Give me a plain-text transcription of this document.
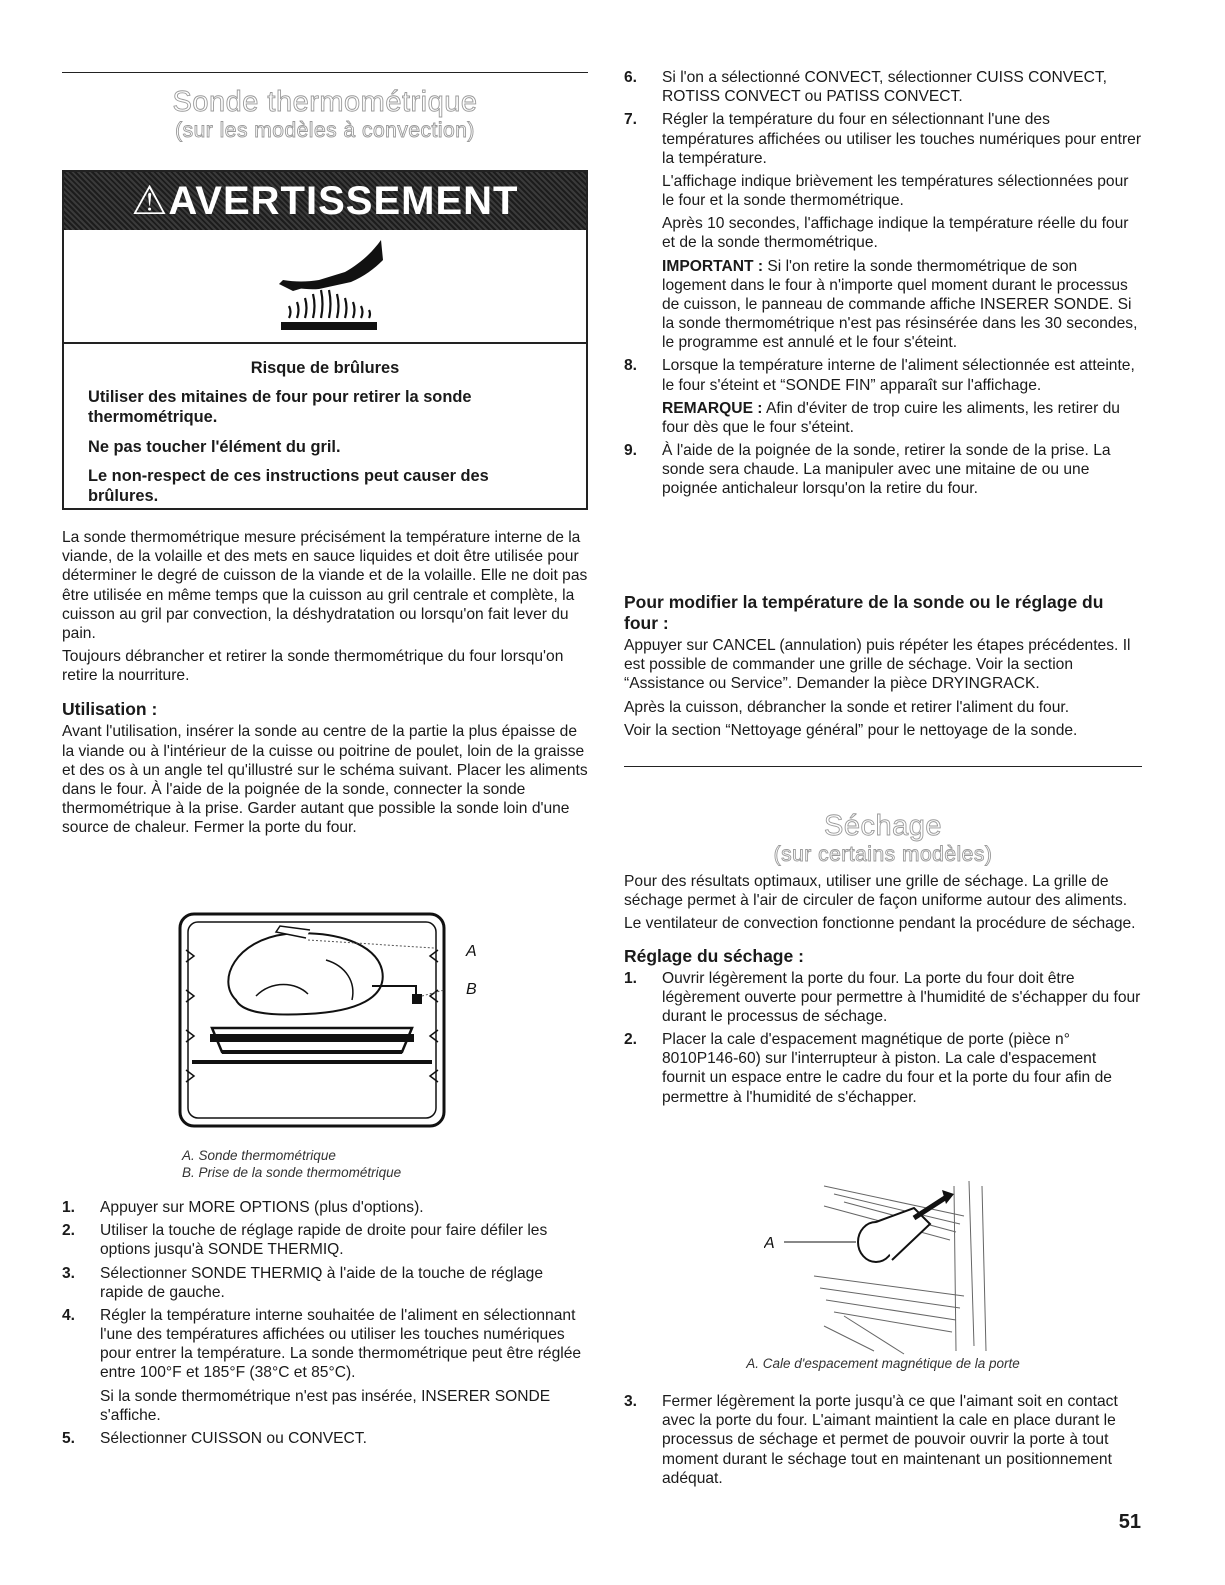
Sonde thermométrique

(sur les modèles à convection)

⚠AVERTISSEMENT

Risque de brûlures

Utiliser des mitaines de four pour retirer la sonde thermométrique.

Ne pas toucher l'élément du gril.

Le non-respect de ces instructions peut causer des brûlures.

La sonde thermométrique mesure précisément la température interne de la viande, de la volaille et des mets en sauce liquides et doit être utilisée pour déterminer le degré de cuisson de la viande et de la volaille. Elle ne doit pas être utilisée en même temps que la cuisson au gril centrale et complète, la cuisson au gril par convection, la déshydratation ou lorsqu'on fait lever du pain.

Toujours débrancher et retirer la sonde thermométrique du four lorsqu'on retire la nourriture.

Utilisation :

Avant l'utilisation, insérer la sonde au centre de la partie la plus épaisse de la viande ou à l'intérieur de la cuisse ou poitrine de poulet, loin de la graisse et des os à un angle tel qu'illustré sur le schéma suivant. Placer les aliments dans le four. À l'aide de la poignée de la sonde, connecter la sonde thermométrique à la prise. Garder autant que possible la sonde loin d'une source de chaleur. Fermer la porte du four.

A
B
A. Sonde thermométrique
B. Prise de la sonde thermométrique
1. Appuyer sur MORE OPTIONS (plus d'options).

2. Utiliser la touche de réglage rapide de droite pour faire défiler les options jusqu'à SONDE THERMIQ.

3. Sélectionner SONDE THERMIQ à l'aide de la touche de réglage rapide de gauche.

4. Régler la température interne souhaitée de l'aliment en sélectionnant l'une des températures affichées ou utiliser les touches numériques pour entrer la température. La sonde thermométrique peut être réglée entre 100°F et 185°F (38°C et 85°C).

Si la sonde thermométrique n'est pas insérée, INSERER SONDE s'affiche.

5. Sélectionner CUISSON ou CONVECT.

6. Si l'on a sélectionné CONVECT, sélectionner CUISS CONVECT, ROTISS CONVECT ou PATISS CONVECT.

7. Régler la température du four en sélectionnant l'une des températures affichées ou utiliser les touches numériques pour entrer la température.

L'affichage indique brièvement les températures sélectionnées pour le four et la sonde thermométrique.

Après 10 secondes, l'affichage indique la température réelle du four et de la sonde thermométrique.

IMPORTANT : Si l'on retire la sonde thermométrique de son logement dans le four à n'importe quel moment durant le processus de cuisson, le panneau de commande affiche INSERER SONDE. Si la sonde thermométrique n'est pas résinsérée dans les 30 secondes, le programme est annulé et le four s'éteint.

8. Lorsque la température interne de l'aliment sélectionnée est atteinte, le four s'éteint et “SONDE FIN” apparaît sur l'affichage.

REMARQUE : Afin d'éviter de trop cuire les aliments, les retirer du four dès que le four s'éteint.

9. À l'aide de la poignée de la sonde, retirer la sonde de la prise. La sonde sera chaude. La manipuler avec une mitaine de ou une poignée antichaleur lorsqu'on la retire du four.

Pour modifier la température de la sonde ou le réglage du four :

Appuyer sur CANCEL (annulation) puis répéter les étapes précédentes. Il est possible de commander une grille de séchage. Voir la section “Assistance ou Service”. Demander la pièce DRYINGRACK.

Après la cuisson, débrancher la sonde et retirer l'aliment du four.

Voir la section “Nettoyage général” pour le nettoyage de la sonde.

Séchage

(sur certains modèles)

Pour des résultats optimaux, utiliser une grille de séchage. La grille de séchage permet à l'air de circuler de façon uniforme autour des aliments.

Le ventilateur de convection fonctionne pendant la procédure de séchage.

Réglage du séchage :
1. Ouvrir légèrement la porte du four. La porte du four doit être légèrement ouverte pour permettre à l'humidité de s'échapper du four durant le processus de séchage.

2. Placer la cale d'espacement magnétique de porte (pièce n° 8010P146-60) sur l'interrupteur à piston. La cale d'espacement fournit un espace entre le cadre du four et la porte du four afin de permettre à l'humidité de s'échapper.

A
A. Cale d'espacement magnétique de la porte
3. Fermer légèrement la porte jusqu'à ce que l'aimant soit en contact avec la porte du four. L'aimant maintient la cale en place durant le processus de séchage et permet de pouvoir ouvrir la porte à tout moment durant le séchage tout en maintenant un positionnement adéquat.

51
